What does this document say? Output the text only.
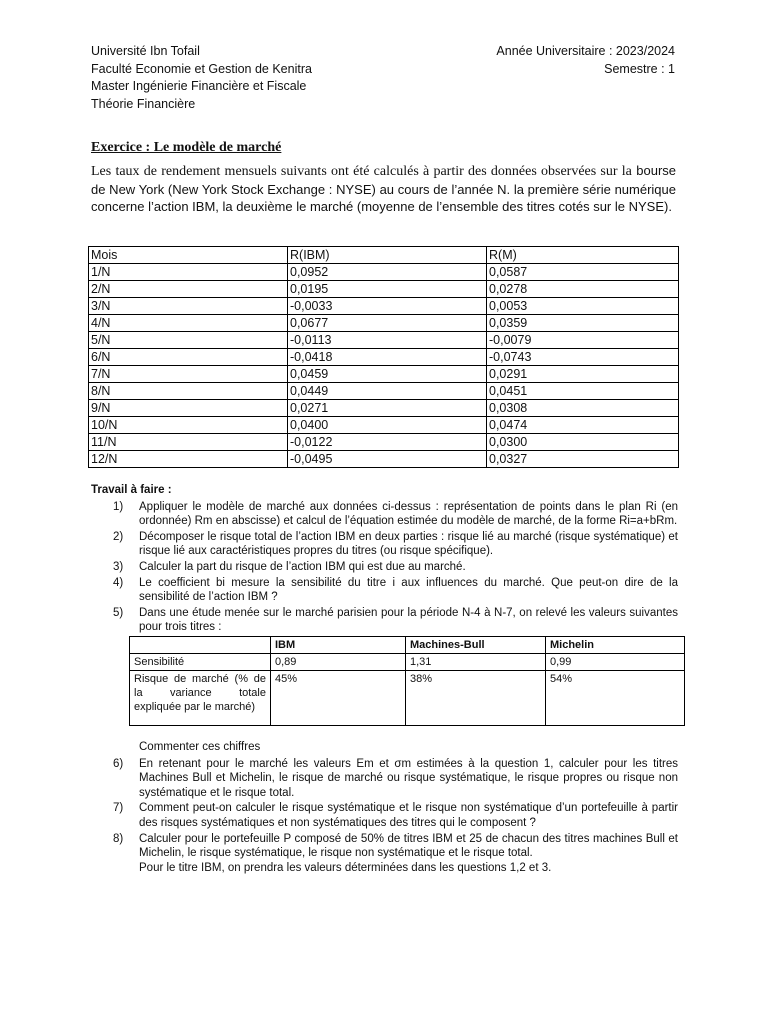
Université Ibn Tofail
Faculté Economie et Gestion de Kenitra
Master Ingénierie Financière et Fiscale
Théorie Financière
Année Universitaire : 2023/2024
Semestre : 1
Exercice : Le modèle de marché
Les taux de rendement mensuels suivants ont été calculés à partir des données observées sur la bourse de New York (New York Stock Exchange : NYSE) au cours de l’année N. la première série numérique concerne l’action IBM, la deuxième le marché (moyenne de l’ensemble des titres cotés sur le NYSE).
Mois	R(IBM)	R(M)
1/N	0,0952	0,0587
2/N	0,0195	0,0278
3/N	-0,0033	0,0053
4/N	0,0677	0,0359
5/N	-0,0113	-0,0079
6/N	-0,0418	-0,0743
7/N	0,0459	0,0291
8/N	0,0449	0,0451
9/N	0,0271	0,0308
10/N	0,0400	0,0474
11/N	-0,0122	0,0300
12/N	-0,0495	0,0327
Travail à faire :
1) Appliquer le modèle de marché aux données ci-dessus : représentation de points dans le plan Ri (en ordonnée) Rm en abscisse) et calcul de l’équation estimée du modèle de marché, de la forme Ri=a+bRm.
2) Décomposer le risque total de l’action IBM en deux parties : risque lié au marché (risque systématique) et risque lié aux caractéristiques propres du titres (ou risque spécifique).
3) Calculer la part du risque de l’action IBM qui est due au marché.
4) Le coefficient bi mesure la sensibilité du titre i aux influences du marché. Que peut-on dire de la sensibilité de l’action IBM ?
5) Dans une étude menée sur le marché parisien pour la période N-4 à N-7, on relevé les valeurs suivantes pour trois titres :
	IBM	Machines-Bull	Michelin
Sensibilité	0,89	1,31	0,99
Risque de marché (% de la variance totale expliquée par le marché)	45%	38%	54%
Commenter ces chiffres
6) En retenant pour le marché les valeurs Em et σm estimées à la question 1, calculer pour les titres Machines Bull et Michelin, le risque de marché ou risque systématique, le risque propres ou risque non systématique et le risque total.
7) Comment peut-on calculer le risque systématique et le risque non systématique d’un portefeuille à partir des risques systématiques et non systématiques des titres qui le composent ?
8) Calculer pour le portefeuille P composé de 50% de titres IBM et 25 de chacun des titres machines Bull et Michelin, le risque systématique, le risque non systématique et le risque total.
Pour le titre IBM, on prendra les valeurs déterminées dans les questions 1,2 et 3.
